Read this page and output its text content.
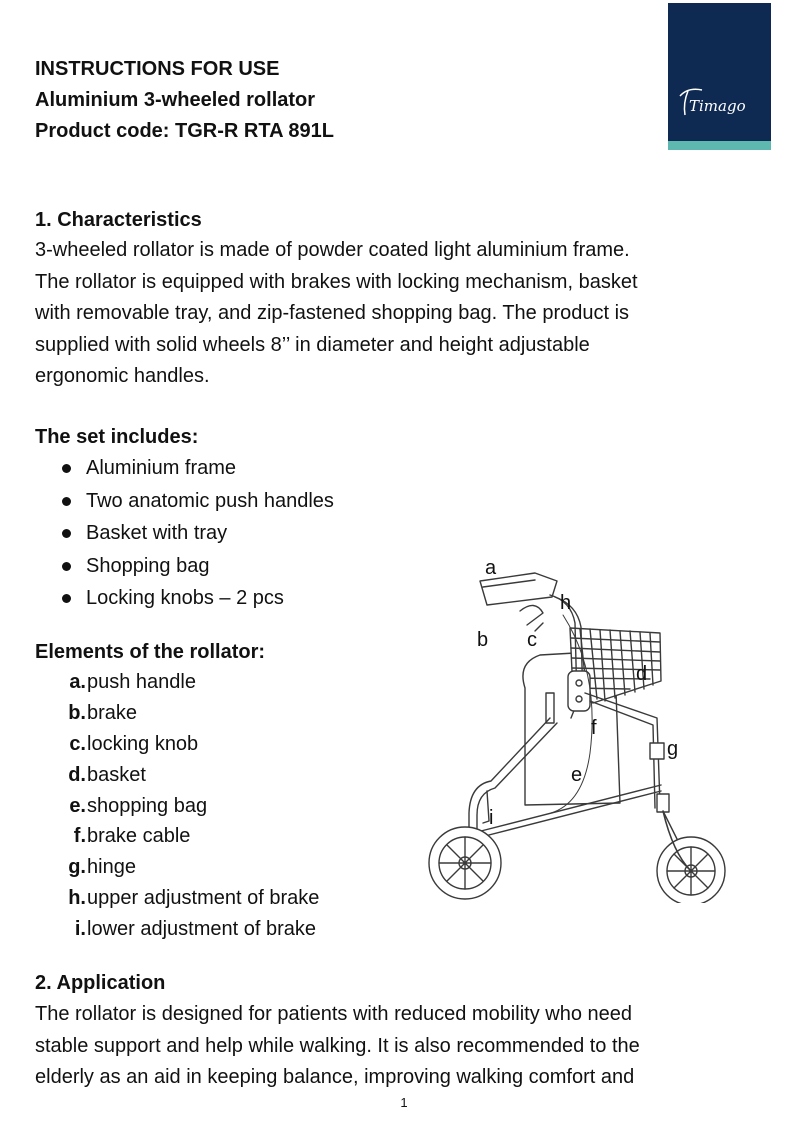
INSTRUCTIONS FOR USE
Aluminium 3-wheeled rollator
Product code: TGR-R RTA 891L
Timago
1. Characteristics
3-wheeled rollator is made of powder coated light aluminium frame.
The rollator is equipped with brakes with locking mechanism, basket
with removable tray, and zip-fastened shopping bag. The product is
supplied with solid wheels 8’’ in diameter and height adjustable
ergonomic handles.
The set includes:
Aluminium frame
Two anatomic push handles
Basket with tray
Shopping bag
Locking knobs – 2 pcs
Elements of the rollator:
a.push handle
b.brake
c.locking knob
d.basket
e.shopping bag
f.brake cable
g.hinge
h.upper adjustment of brake
i.lower adjustment of brake
a
b c
d
e
f
g
h
i
2. Application
The rollator is designed for patients with reduced mobility who need
stable support and help while walking. It is also recommended to the
elderly as an aid in keeping balance, improving walking comfort and
1
